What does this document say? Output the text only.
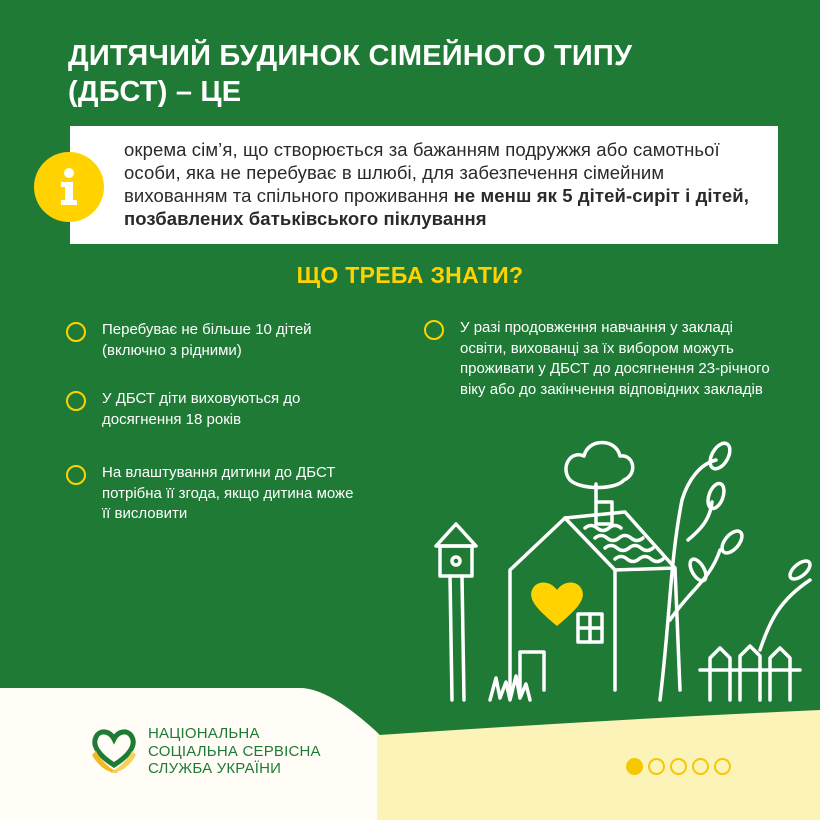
ДИТЯЧИЙ БУДИНОК СІМЕЙНОГО ТИПУ
(ДБСТ) – ЦЕ

окрема сім’я, що створюється за бажанням подружжя або самотньої особи, яка не перебуває в шлюбі, для забезпечення сімейним вихованням та спільного проживання не менш як 5 дітей-сиріт і дітей, позбавлених батьківського піклування

ЩО ТРЕБА ЗНАТИ?

Перебуває не більше 10 дітей (включно з рідними)

У ДБСТ діти виховуються до досягнення 18 років

На влаштування дитини до ДБСТ потрібна її згода, якщо дитина може її висловити

У разі продовження навчання у закладі освіти, вихованці за їх вибором можуть проживати у ДБСТ до досягнення 23-річного віку або до закінчення відповідних закладів

НАЦІОНАЛЬНА
СОЦІАЛЬНА СЕРВІСНА
СЛУЖБА УКРАЇНИ
